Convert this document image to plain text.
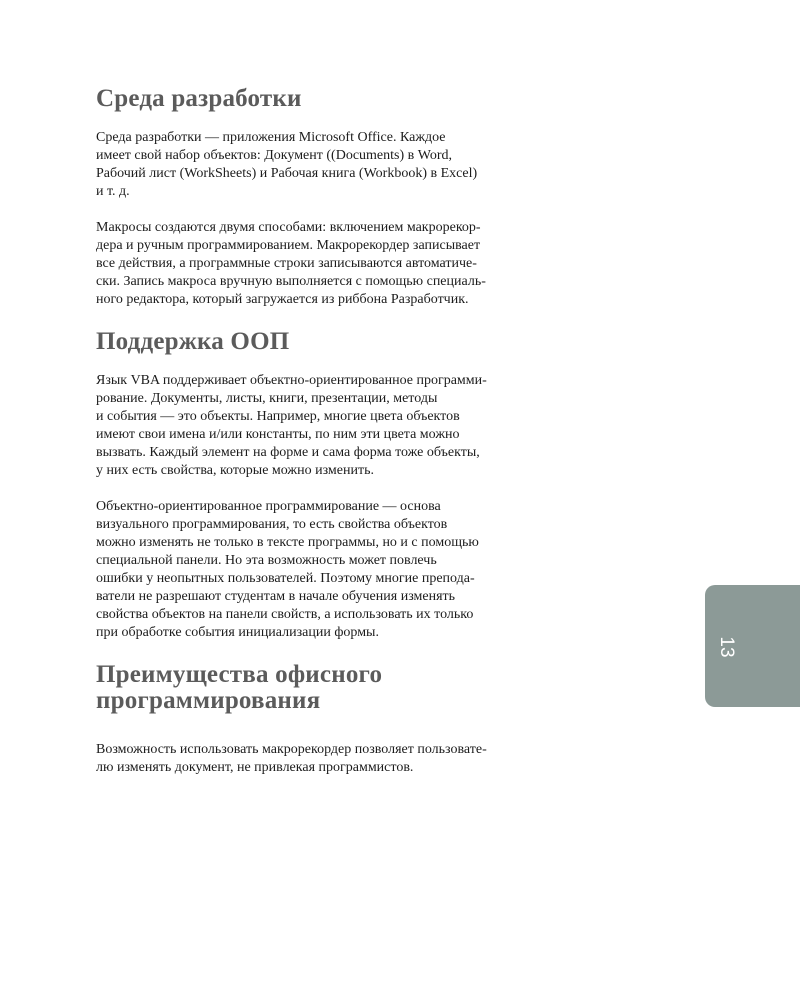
Среда разработки

Среда разработки — приложения Microsoft Office. Каждое
имеет свой набор объектов: Документ ((Documents) в Word,
Рабочий лист (WorkSheets) и Рабочая книга (Workbook) в Excel)
и т. д.

Макросы создаются двумя способами: включением макрорекор-
дера и ручным программированием. Макрорекордер записывает
все действия, а программные строки записываются автоматиче-
ски. Запись макроса вручную выполняется с помощью специаль-
ного редактора, который загружается из риббона Разработчик.

Поддержка ООП

Язык VBA поддерживает объектно-ориентированное программи-
рование. Документы, листы, книги, презентации, методы
и события — это объекты. Например, многие цвета объектов
имеют свои имена и/или константы, по ним эти цвета можно
вызвать. Каждый элемент на форме и сама форма тоже объекты,
у них есть свойства, которые можно изменить.

Объектно-ориентированное программирование — основа
визуального программирования, то есть свойства объектов
можно изменять не только в тексте программы, но и с помощью
специальной панели. Но эта возможность может повлечь
ошибки у неопытных пользователей. Поэтому многие препода-
ватели не разрешают студентам в начале обучения изменять
свойства объектов на панели свойств, а использовать их только
при обработке события инициализации формы.

Преимущества офисного
программирования

Возможность использовать макрорекордер позволяет пользовате-
лю изменять документ, не привлекая программистов.

13
